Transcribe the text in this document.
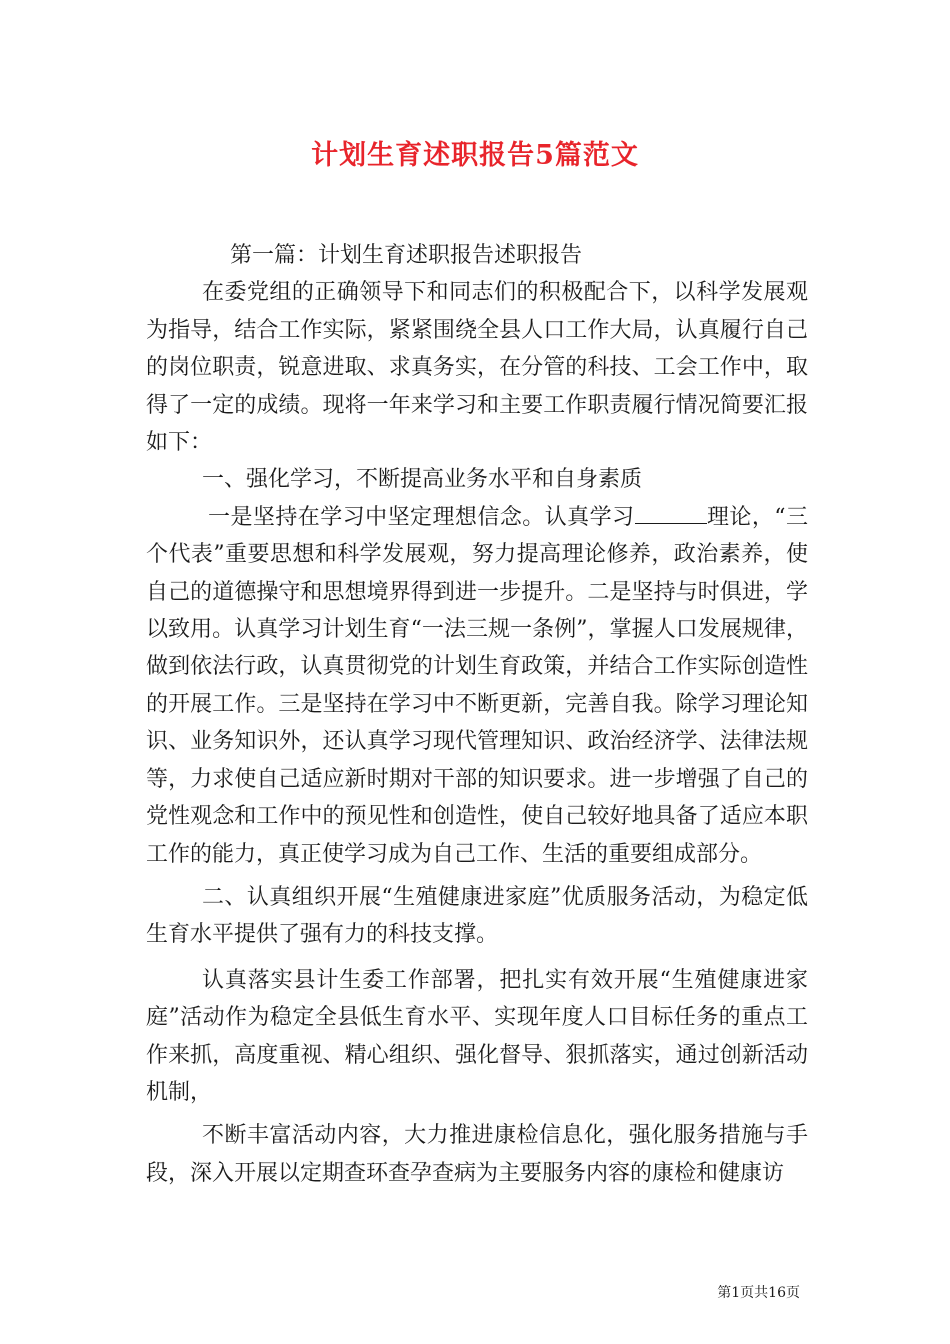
计划生育述职报告5篇范文

第一篇：计划生育述职报告述职报告

在委党组的正确领导下和同志们的积极配合下，以科学发展观为指导，结合工作实际，紧紧围绕全县人口工作大局，认真履行自己的岗位职责，锐意进取、求真务实，在分管的科技、工会工作中，取得了一定的成绩。现将一年来学习和主要工作职责履行情况简要汇报如下：

一、强化学习，不断提高业务水平和自身素质

一是坚持在学习中坚定理想信念。认真学习	理论，“三个代表”重要思想和科学发展观，努力提高理论修养，政治素养，使自己的道德操守和思想境界得到进一步提升。二是坚持与时俱进，学以致用。认真学习计划生育“一法三规一条例”，掌握人口发展规律，做到依法行政，认真贯彻党的计划生育政策，并结合工作实际创造性的开展工作。三是坚持在学习中不断更新，完善自我。除学习理论知识、业务知识外，还认真学习现代管理知识、政治经济学、法律法规等，力求使自己适应新时期对干部的知识要求。进一步增强了自己的党性观念和工作中的预见性和创造性，使自己较好地具备了适应本职工作的能力，真正使学习成为自己工作、生活的重要组成部分。

二、认真组织开展“生殖健康进家庭”优质服务活动，为稳定低生育水平提供了强有力的科技支撑。

认真落实县计生委工作部署，把扎实有效开展“生殖健康进家庭”活动作为稳定全县低生育水平、实现年度人口目标任务的重点工作来抓，高度重视、精心组织、强化督导、狠抓落实，通过创新活动机制，

不断丰富活动内容，大力推进康检信息化，强化服务措施与手段，深入开展以定期查环查孕查病为主要服务内容的康检和健康访

第1页共16页
